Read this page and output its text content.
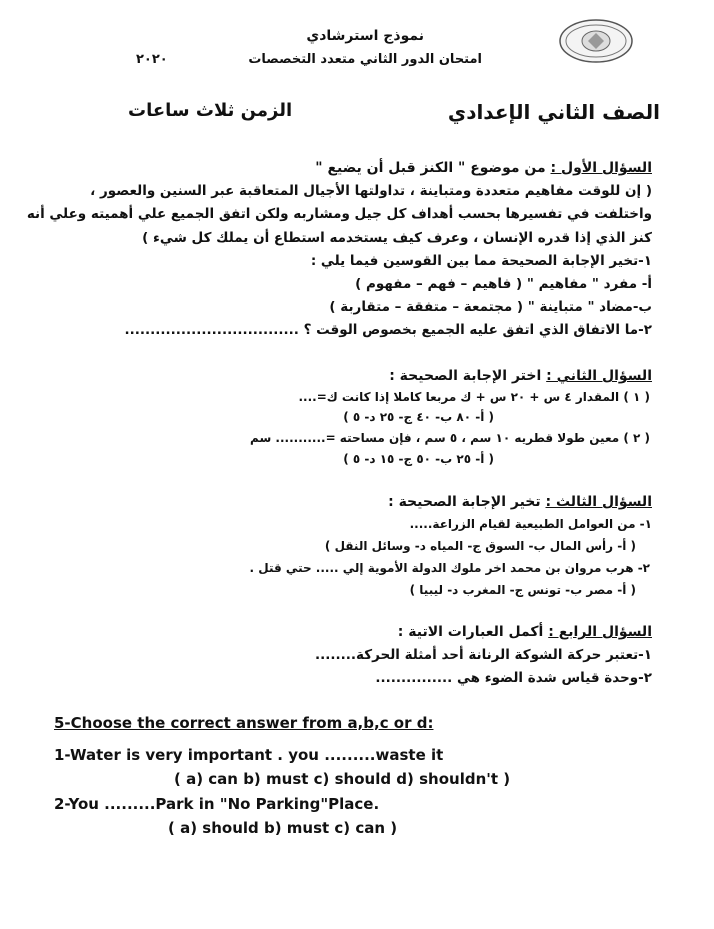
نموذج استرشادي
امتحان الدور الثاني متعدد التخصصات
٢٠٢٠
الصف الثاني الإعدادي
الزمن ثلاث ساعات
السؤال الأول : من موضوع " الكنز قبل أن يضيع "
( إن للوقت مفاهيم متعددة ومتباينة ، تداولتها الأجيال المتعاقبة عبر السنين والعصور ،
واختلفت في تفسيرها بحسب أهداف كل جيل ومشاربه ولكن اتفق الجميع علي أهميته وعلي أنه
كنز الذي إذا قدره الإنسان ، وعرف كيف يستخدمه استطاع أن يملك كل شيء )
١-تخير الإجابة الصحيحة مما بين القوسين فيما يلي :
أ- مفرد " مفاهيم " ( فاهيم – فهم – مفهوم )
ب-مضاد " متباينة " ( مجتمعة – متفقة – متقاربة )
٢-ما الاتفاق الذي اتفق عليه الجميع بخصوص الوقت ؟ ..................................
السؤال الثاني : اختر الإجابة الصحيحة :
( ١ ) المقدار ٤ س + ٢٠ س + ك مربعا كاملا إذا كانت ك=....
( أ- ٨٠ ب- ٤٠ ج- ٢٥ د- ٥ )
( ٢ ) معين طولا قطريه ١٠ سم ، ٥ سم ، فإن مساحته =........... سم
( أ- ٢٥ ب- ٥٠ ج- ١٥ د- ٥ )
السؤال الثالث : تخير الإجابة الصحيحة :
١- من العوامل الطبيعية لقيام الزراعة.....
( أ- رأس المال ب- السوق ج- المياه د- وسائل النقل )
٢- هرب مروان بن محمد اخر ملوك الدولة الأموية إلي ..... حتي قتل .
( أ- مصر ب- تونس ج- المغرب د- ليبيا )
السؤال الرابع : أكمل العبارات الاتية :
١-تعتبر حركة الشوكة الرنانة أحد أمثلة الحركة........
٢-وحدة قياس شدة الضوء هي ...............
5-Choose the correct answer from a,b,c or d:
1-Water is very important . you .........waste it
( a) can b) must c) should d) shouldn't )
2-You .........Park in "No Parking"Place.
( a) should b) must c) can )
